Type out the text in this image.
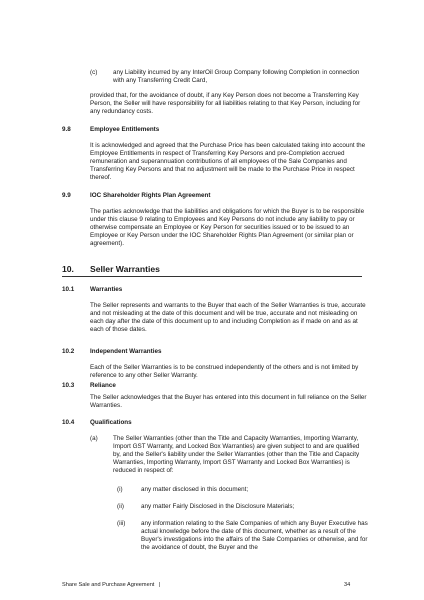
(c) any Liability incurred by any InterOil Group Company following Completion in connection with any Transferring Credit Card,
provided that, for the avoidance of doubt, if any Key Person does not become a Transferring Key Person, the Seller will have responsibility for all liabilities relating to that Key Person, including for any redundancy costs.
9.8	Employee Entitlements
It is acknowledged and agreed that the Purchase Price has been calculated taking into account the Employee Entitlements in respect of Transferring Key Persons and pre-Completion accrued remuneration and superannuation contributions of all employees of the Sale Companies and Transferring Key Persons and that no adjustment will be made to the Purchase Price in respect thereof.
9.9	IOC Shareholder Rights Plan Agreement
The parties acknowledge that the liabilities and obligations for which the Buyer is to be responsible under this clause 9 relating to Employees and Key Persons do not include any liability to pay or otherwise compensate an Employee or Key Person for securities issued or to be issued to an Employee or Key Person under the IOC Shareholder Rights Plan Agreement (or similar plan or agreement).
10. Seller Warranties
10.1 Warranties
The Seller represents and warrants to the Buyer that each of the Seller Warranties is true, accurate and not misleading at the date of this document and will be true, accurate and not misleading on each day after the date of this document up to and including Completion as if made on and as at each of those dates.
10.2 Independent Warranties
Each of the Seller Warranties is to be construed independently of the others and is not limited by reference to any other Seller Warranty.
10.3 Reliance
The Seller acknowledges that the Buyer has entered into this document in full reliance on the Seller Warranties.
10.4 Qualifications
(a) The Seller Warranties (other than the Title and Capacity Warranties, Importing Warranty, Import GST Warranty, and Locked Box Warranties) are given subject to and are qualified by, and the Seller's liability under the Seller Warranties (other than the Title and Capacity Warranties, Importing Warranty, Import GST Warranty and Locked Box Warranties) is reduced in respect of:
(i)	any matter disclosed in this document;
(ii)	any matter Fairly Disclosed in the Disclosure Materials;
(iii) any information relating to the Sale Companies of which any Buyer Executive has actual knowledge before the date of this document, whether as a result of the Buyer's investigations into the affairs of the Sale Companies or otherwise, and for the avoidance of doubt, the Buyer and the
Share Sale and Purchase Agreement |	34
